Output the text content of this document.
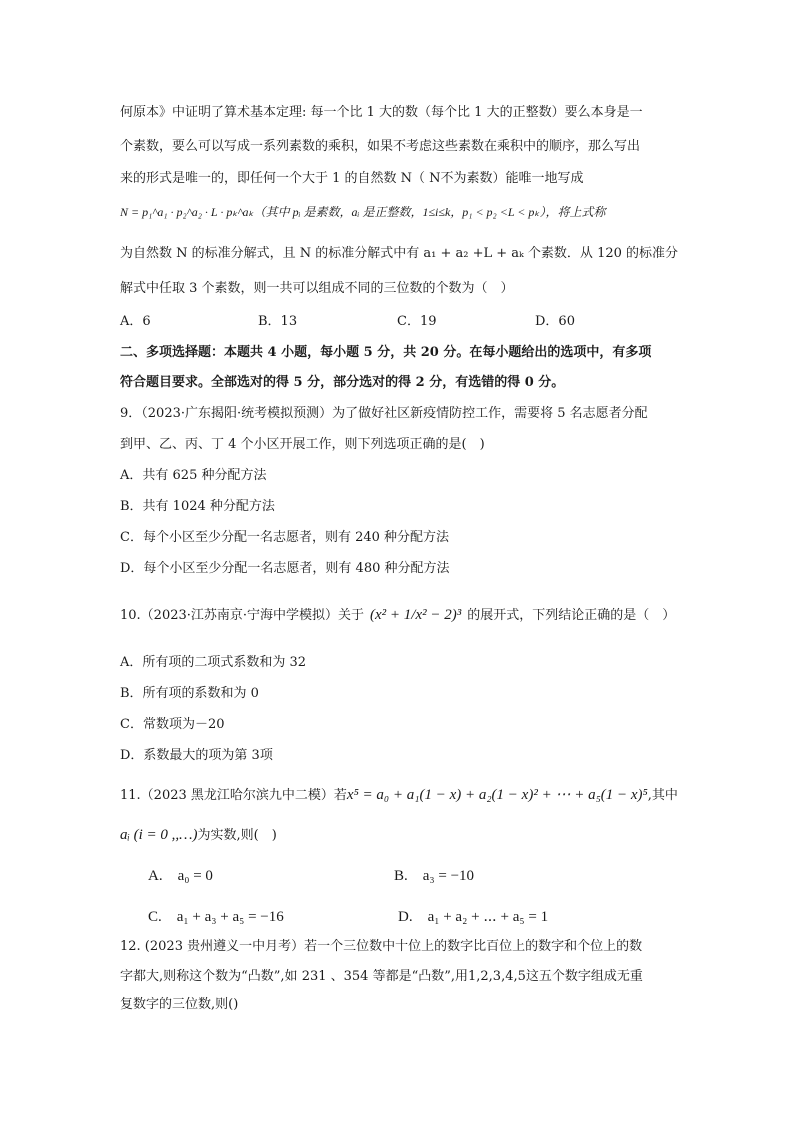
何原本》中证明了算术基本定理: 每一个比 1 大的数（每个比 1 大的正整数）要么本身是一
个素数，要么可以写成一系列素数的乘积，如果不考虑这些素数在乘积中的顺序，那么写出
来的形式是唯一的，即任何一个大于 1 的自然数 N（ N不为素数）能唯一地写成
N = p₁^a₁ · p₂^a₂ · L · pₖ^aₖ（其中 pᵢ 是素数，aᵢ 是正整数，1≤i≤k，p₁ < p₂ <L < pₖ），将上式称
为自然数 N 的标准分解式，且 N 的标准分解式中有 a₁ + a₂ +L + aₖ 个素数．从 120 的标准分
解式中任取 3 个素数，则一共可以组成不同的三位数的个数为（　）
A．6	B．13	C．19	D．60
二、多项选择题：本题共 4 小题，每小题 5 分，共 20 分。在每小题给出的选项中，有多项
符合题目要求。全部选对的得 5 分，部分选对的得 2 分，有选错的得 0 分。
9．（2023·广东揭阳·统考模拟预测）为了做好社区新疫情防控工作，需要将 5 名志愿者分配
到甲、乙、丙、丁 4 个小区开展工作，则下列选项正确的是(　)
A．共有 625 种分配方法
B．共有 1024 种分配方法
C．每个小区至少分配一名志愿者，则有 240 种分配方法
D．每个小区至少分配一名志愿者，则有 480 种分配方法
10.（2023·江苏南京·宁海中学模拟）关于 (x² + 1/x² − 2)³ 的展开式，下列结论正确的是（　）
A．所有项的二项式系数和为 32
B．所有项的系数和为 0
C．常数项为－20
D．系数最大的项为第 3项
11.（2023 黑龙江哈尔滨九中二模）若x⁵ = a₀ + a₁(1 − x) + a₂(1 − x)² + ⋯ + a₅(1 − x)⁵,其中
aᵢ (i = 0 ,,…)为实数,则(　)
A.　a₀ = 0	B.　a₃ = −10
C.　a₁ + a₃ + a₅ = −16	D.　a₁ + a₂ + ⋯ + a₅ = 1
12. (2023 贵州遵义一中月考）若一个三位数中十位上的数字比百位上的数字和个位上的数
字都大,则称这个数为“凸数”,如 231 、354 等都是“凸数”,用1,2,3,4,5这五个数字组成无重
复数字的三位数,则()
